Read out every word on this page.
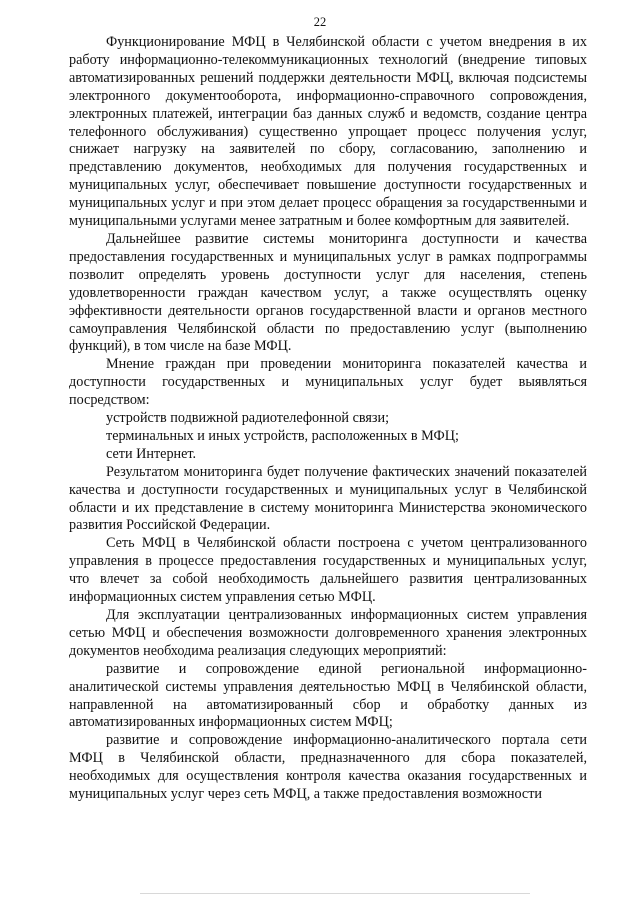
22

Функционирование МФЦ в Челябинской области с учетом внедрения в их работу информационно-телекоммуникационных технологий (внедрение типовых автоматизированных решений поддержки деятельности МФЦ, включая подсистемы электронного документооборота, информационно-справочного сопровождения, электронных платежей, интеграции баз данных служб и ведомств, создание центра телефонного обслуживания) существенно упрощает процесс получения услуг, снижает нагрузку на заявителей по сбору, согласованию, заполнению и представлению документов, необходимых для получения государственных и муниципальных услуг, обеспечивает повышение доступности государственных и муниципальных услуг и при этом делает процесс обращения за государственными и муниципальными услугами менее затратным и более комфортным для заявителей.

Дальнейшее развитие системы мониторинга доступности и качества предоставления государственных и муниципальных услуг в рамках подпрограммы позволит определять уровень доступности услуг для населения, степень удовлетворенности граждан качеством услуг, а также осуществлять оценку эффективности деятельности органов государственной власти и органов местного самоуправления Челябинской области по предоставлению услуг (выполнению функций), в том числе на базе МФЦ.

Мнение граждан при проведении мониторинга показателей качества и доступности государственных и муниципальных услуг будет выявляться посредством:

устройств подвижной радиотелефонной связи;

терминальных и иных устройств, расположенных в МФЦ;

сети Интернет.

Результатом мониторинга будет получение фактических значений показателей качества и доступности государственных и муниципальных услуг в Челябинской области и их представление в систему мониторинга Министерства экономического развития Российской Федерации.

Сеть МФЦ в Челябинской области построена с учетом централизованного управления в процессе предоставления государственных и муниципальных услуг, что влечет за собой необходимость дальнейшего развития централизованных информационных систем управления сетью МФЦ.

Для эксплуатации централизованных информационных систем управления сетью МФЦ и обеспечения возможности долговременного хранения электронных документов необходима реализация следующих мероприятий:

развитие и сопровождение единой региональной информационно-аналитической системы управления деятельностью МФЦ в Челябинской области, направленной на автоматизированный сбор и обработку данных из автоматизированных информационных систем МФЦ;

развитие и сопровождение информационно-аналитического портала сети МФЦ в Челябинской области, предназначенного для сбора показателей, необходимых для осуществления контроля качества оказания государственных и муниципальных услуг через сеть МФЦ, а также предоставления возможности
